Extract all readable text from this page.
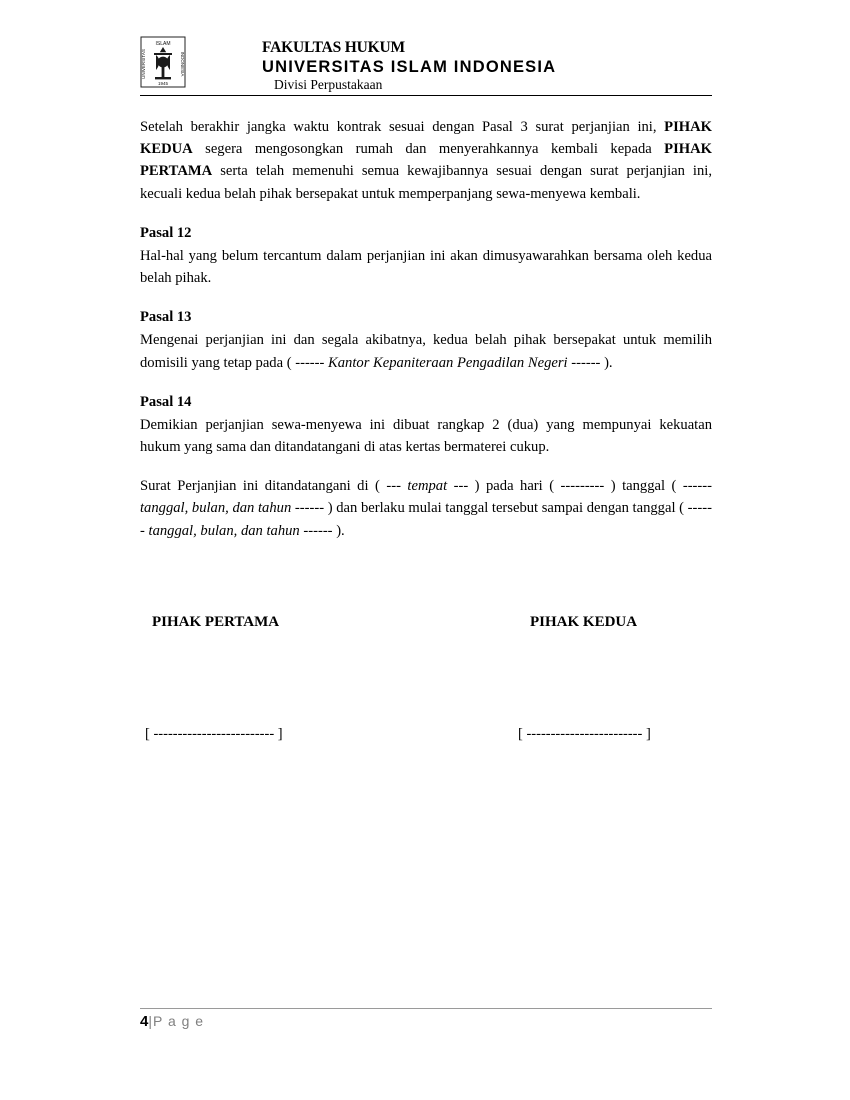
ISLAM
UNIVERSITAS	INDONESIA
1945
FAKULTAS HUKUM
UNIVERSITAS ISLAM INDONESIA
Divisi Perpustakaan

Setelah berakhir jangka waktu kontrak sesuai dengan Pasal 3 surat perjanjian ini, PIHAK KEDUA segera mengosongkan rumah dan menyerahkannya kembali kepada PIHAK PERTAMA serta telah memenuhi semua kewajibannya sesuai dengan surat perjanjian ini, kecuali kedua belah pihak bersepakat untuk memperpanjang sewa-menyewa kembali.

Pasal 12

Hal-hal yang belum tercantum dalam perjanjian ini akan dimusyawarahkan bersama oleh kedua belah pihak.

Pasal 13

Mengenai perjanjian ini dan segala akibatnya, kedua belah pihak bersepakat untuk memilih domisili yang tetap pada ( ------ Kantor Kepaniteraan Pengadilan Negeri ------ ).

Pasal 14

Demikian perjanjian sewa-menyewa ini dibuat rangkap 2 (dua) yang mempunyai kekuatan hukum yang sama dan ditandatangani di atas kertas bermaterei cukup.

Surat Perjanjian ini ditandatangani di ( --- tempat --- ) pada hari ( --------- ) tanggal ( ------ tanggal, bulan, dan tahun ------ ) dan berlaku mulai tanggal tersebut sampai dengan tanggal ( ------ tanggal, bulan, dan tahun ------ ).

PIHAK PERTAMA	PIHAK KEDUA
[ ------------------------- ]	[ ------------------------ ]
4|P a g e
